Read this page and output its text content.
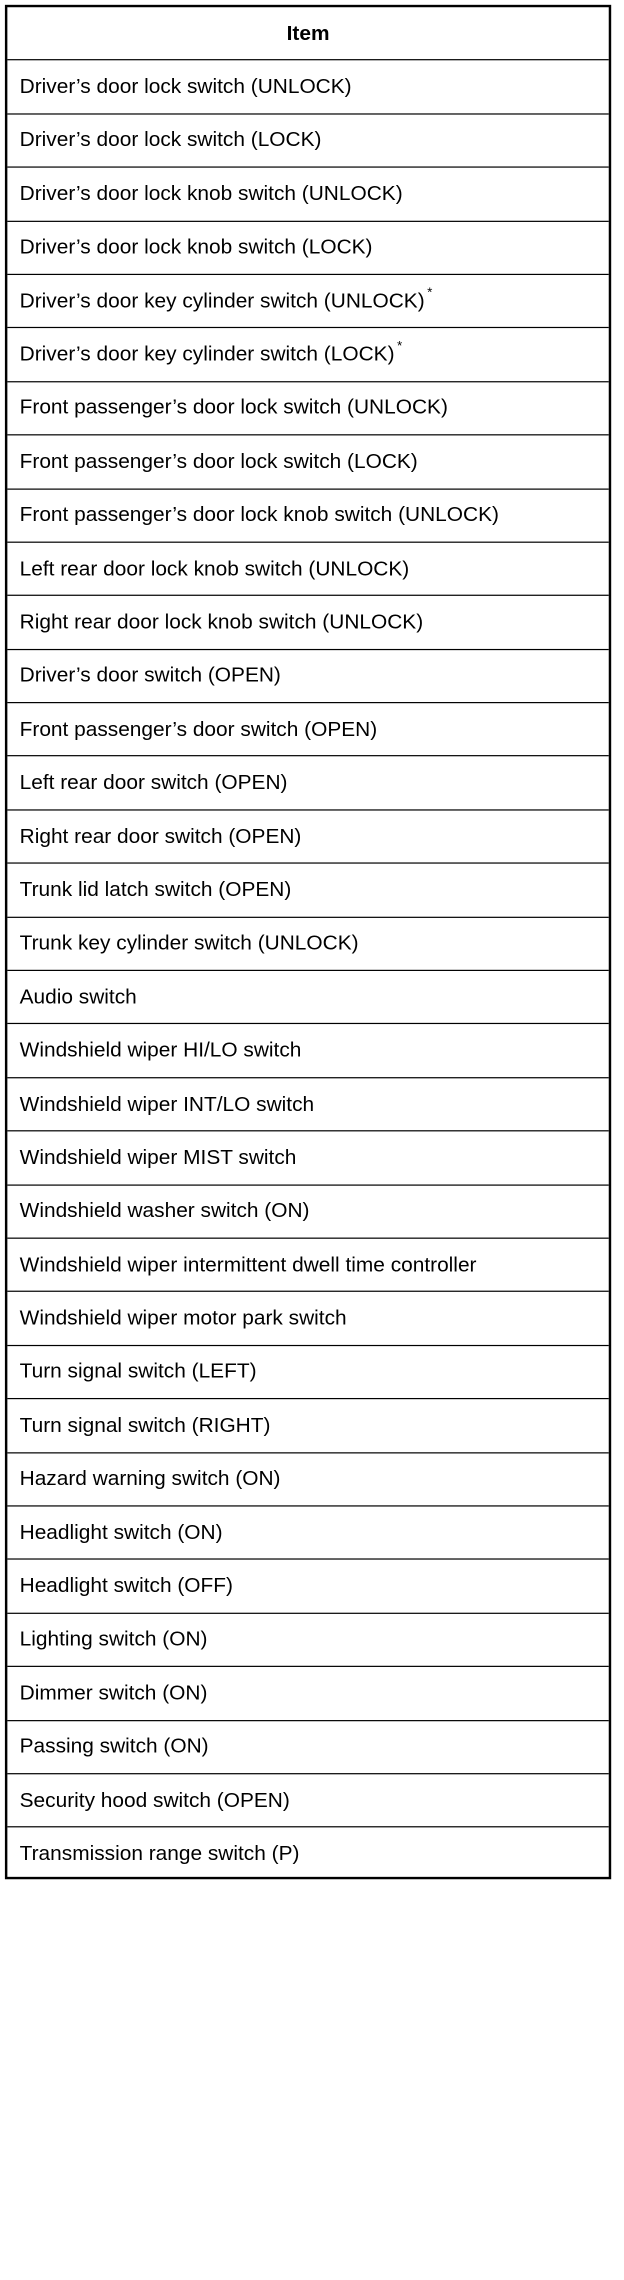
Item
Driver’s door lock switch (UNLOCK)
Driver’s door lock switch (LOCK)
Driver’s door lock knob switch (UNLOCK)
Driver’s door lock knob switch (LOCK)
Driver’s door key cylinder switch (UNLOCK) *
Driver’s door key cylinder switch (LOCK) *
Front passenger’s door lock switch (UNLOCK)
Front passenger’s door lock switch (LOCK)
Front passenger’s door lock knob switch (UNLOCK)
Left rear door lock knob switch (UNLOCK)
Right rear door lock knob switch (UNLOCK)
Driver’s door switch (OPEN)
Front passenger’s door switch (OPEN)
Left rear door switch (OPEN)
Right rear door switch (OPEN)
Trunk lid latch switch (OPEN)
Trunk key cylinder switch (UNLOCK)
Audio switch
Windshield wiper HI/LO switch
Windshield wiper INT/LO switch
Windshield wiper MIST switch
Windshield washer switch (ON)
Windshield wiper intermittent dwell time controller
Windshield wiper motor park switch
Turn signal switch (LEFT)
Turn signal switch (RIGHT)
Hazard warning switch (ON)
Headlight switch (ON)
Headlight switch (OFF)
Lighting switch (ON)
Dimmer switch (ON)
Passing switch (ON)
Security hood switch (OPEN)
Transmission range switch (P)
